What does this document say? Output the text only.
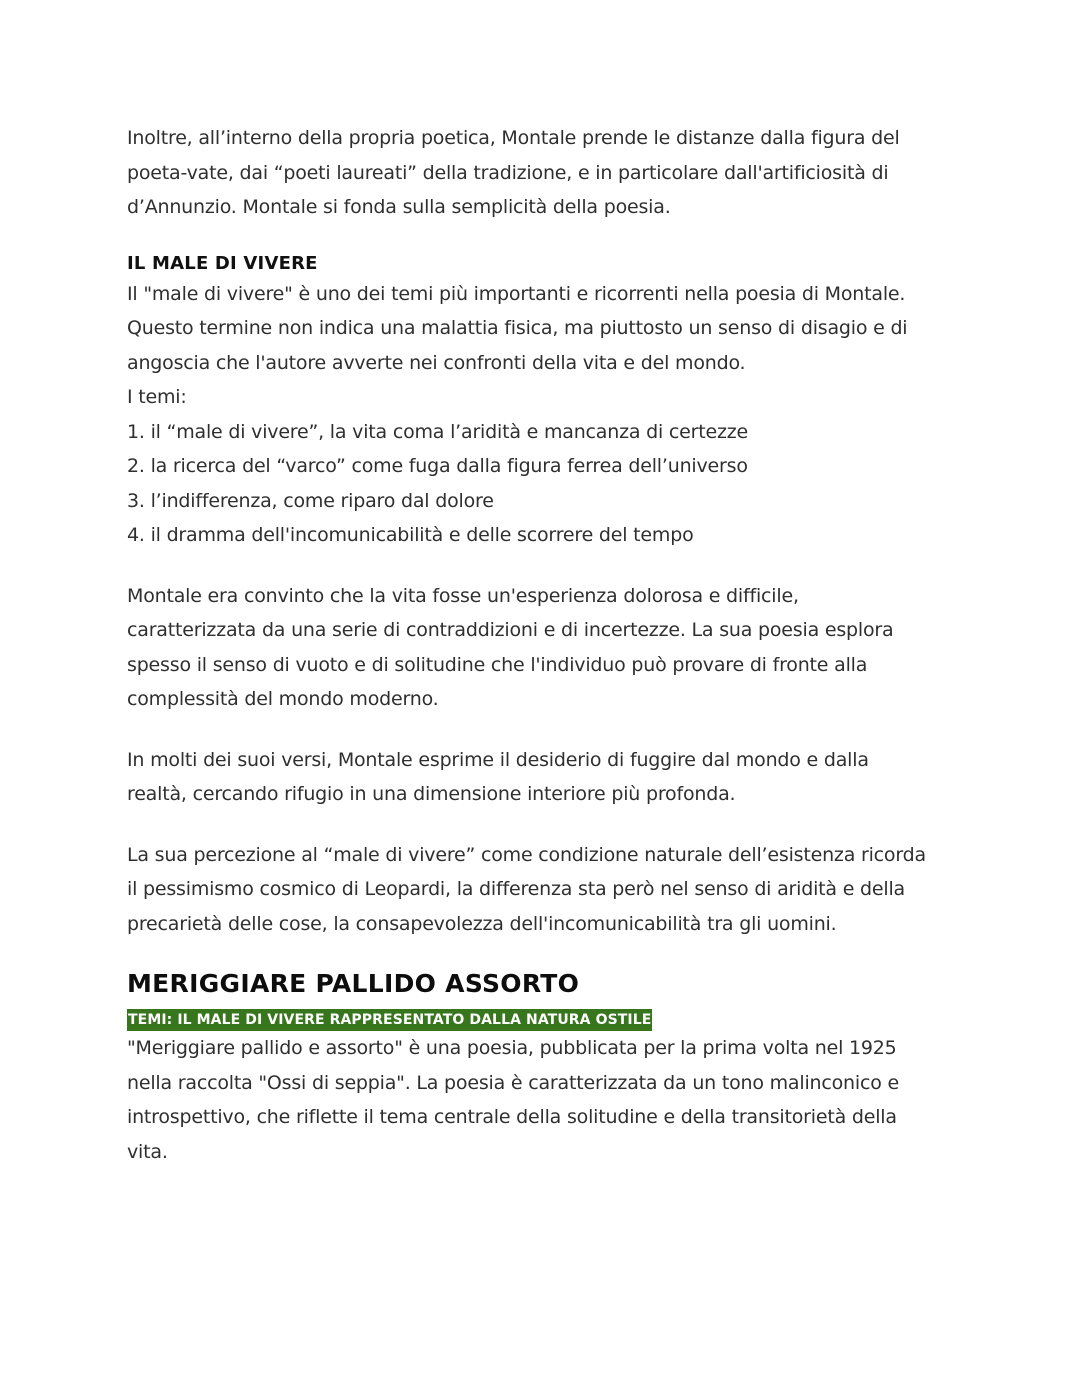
Inoltre, all’interno della propria poetica, Montale prende le distanze dalla figura del
poeta-vate, dai “poeti laureati” della tradizione, e in particolare dall'artificiosità di
d’Annunzio. Montale si fonda sulla semplicità della poesia.

IL MALE DI VIVERE

Il "male di vivere" è uno dei temi più importanti e ricorrenti nella poesia di Montale.
Questo termine non indica una malattia fisica, ma piuttosto un senso di disagio e di
angoscia che l'autore avverte nei confronti della vita e del mondo.
I temi:
1. il “male di vivere”, la vita coma l’aridità e mancanza di certezze
2. la ricerca del “varco” come fuga dalla figura ferrea dell’universo
3. l’indifferenza, come riparo dal dolore
4. il dramma dell'incomunicabilità e delle scorrere del tempo

Montale era convinto che la vita fosse un'esperienza dolorosa e difficile,
caratterizzata da una serie di contraddizioni e di incertezze. La sua poesia esplora
spesso il senso di vuoto e di solitudine che l'individuo può provare di fronte alla
complessità del mondo moderno.

In molti dei suoi versi, Montale esprime il desiderio di fuggire dal mondo e dalla
realtà, cercando rifugio in una dimensione interiore più profonda.

La sua percezione al “male di vivere” come condizione naturale dell’esistenza ricorda
il pessimismo cosmico di Leopardi, la differenza sta però nel senso di aridità e della
precarietà delle cose, la consapevolezza dell'incomunicabilità tra gli uomini.

MERIGGIARE PALLIDO ASSORTO
TEMI: IL MALE DI VIVERE RAPPRESENTATO DALLA NATURA OSTILE

"Meriggiare pallido e assorto" è una poesia, pubblicata per la prima volta nel 1925
nella raccolta "Ossi di seppia". La poesia è caratterizzata da un tono malinconico e
introspettivo, che riflette il tema centrale della solitudine e della transitorietà della
vita.
